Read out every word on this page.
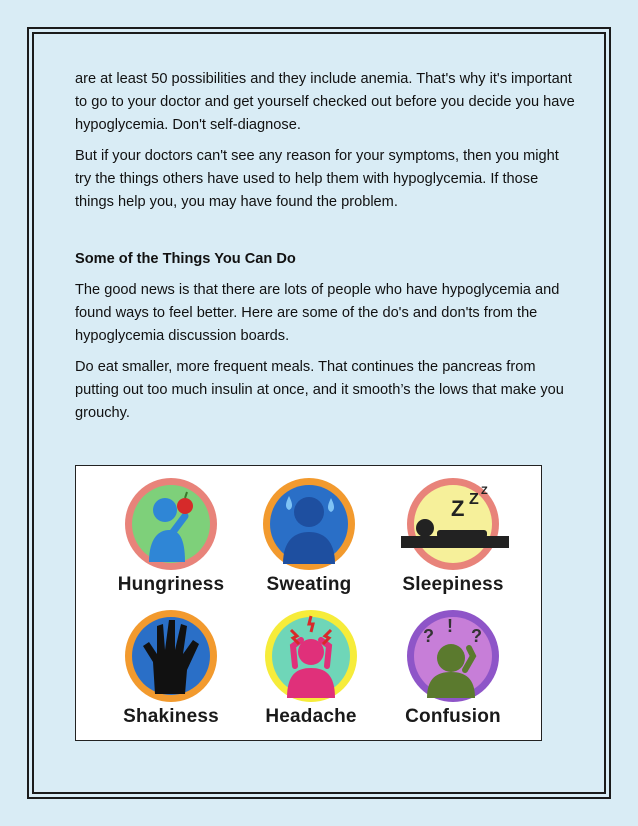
are at least 50 possibilities and they include anemia. That's why it's important to go to your doctor and get yourself checked out before you decide you have hypoglycemia. Don't self-diagnose.

But if your doctors can't see any reason for your symptoms, then you might try the things others have used to help them with hypoglycemia. If those things help you, you may have found the problem.

Some of the Things You Can Do

The good news is that there are lots of people who have hypoglycemia and found ways to feel better. Here are some of the do's and don'ts from the hypoglycemia discussion boards.

Do eat smaller, more frequent meals. That continues the pancreas from putting out too much insulin at once, and it smooth’s the lows that make you grouchy.

Hungriness	Sweating
Z Z Z
Sleepiness
Shakiness	Headache
? ! ?
Confusion
